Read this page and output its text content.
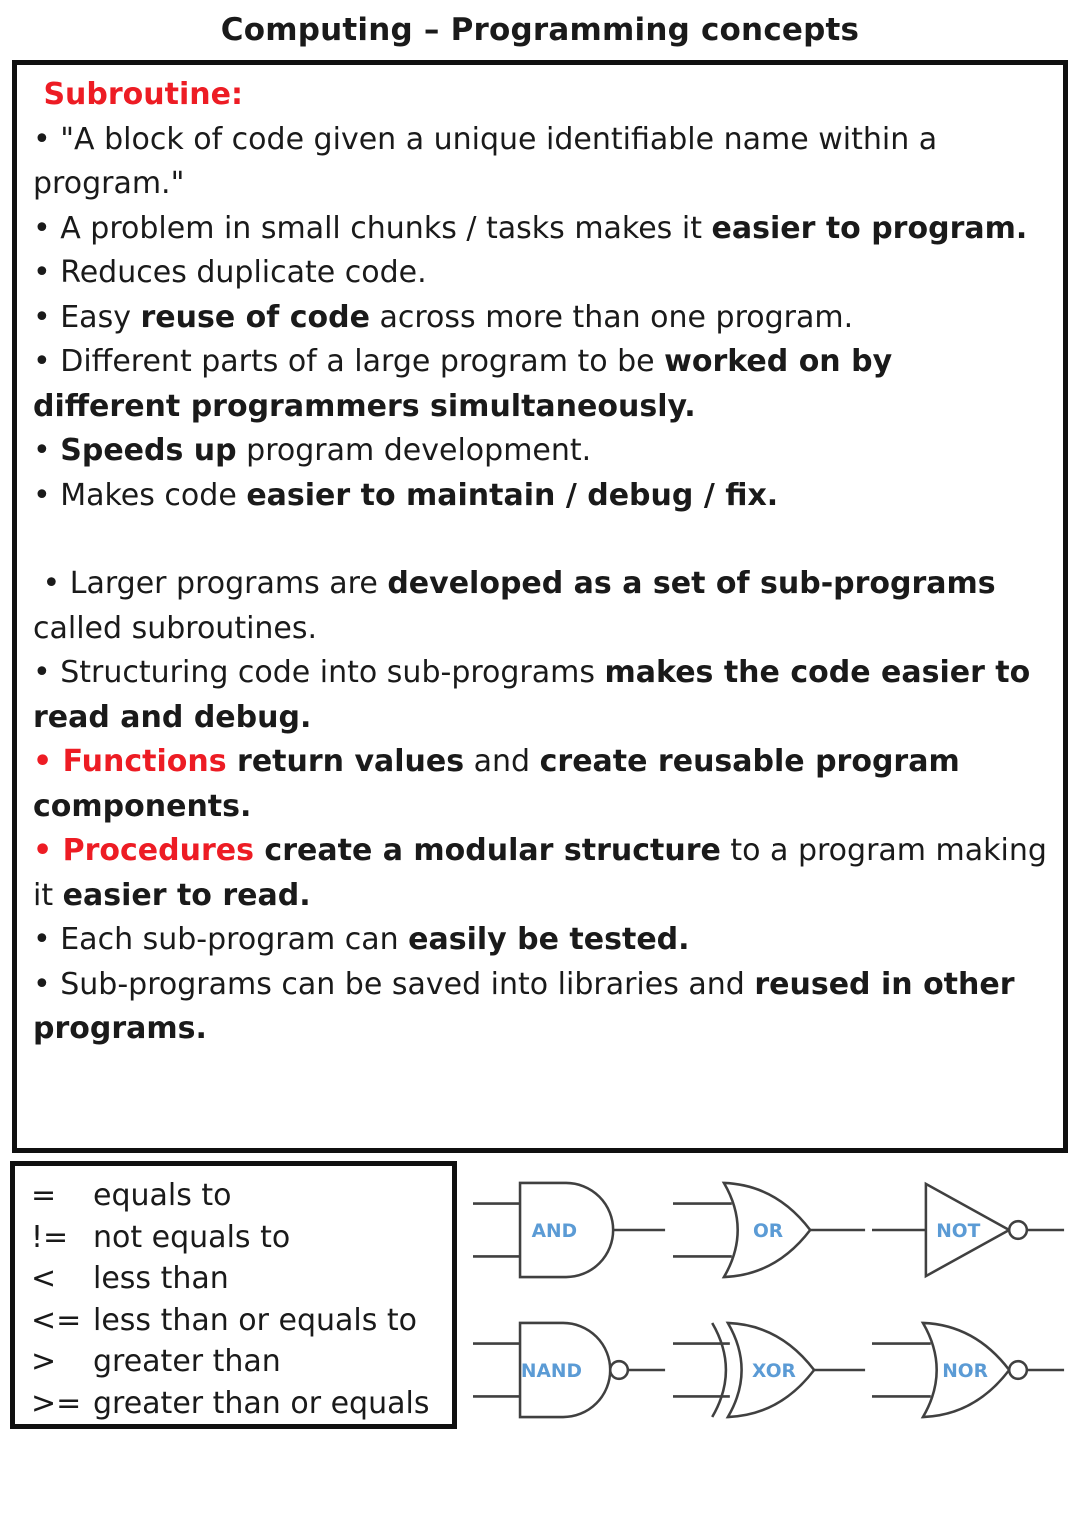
Computing – Programming concepts

Subroutine:

• "A block of code given a unique identifiable name within a program."

• A problem in small chunks / tasks makes it easier to program.

• Reduces duplicate code.

• Easy reuse of code across more than one program.

• Different parts of a large program to be worked on by different programmers simultaneously.

• Speeds up program development.

• Makes code easier to maintain / debug / fix.

• Larger programs are developed as a set of sub-programs called subroutines.

• Structuring code into sub-programs makes the code easier to read and debug.

• Functions return values and create reusable program components.

• Procedures create a modular structure to a program making it easier to read.

• Each sub-program can easily be tested.

• Sub-programs can be saved into libraries and reused in other programs.

=	equals to
!= not equals to
<	less than
<= less than or equals to
>	greater than
>= greater than or equals
AND	OR	NOT
NAND	XOR	NOR
